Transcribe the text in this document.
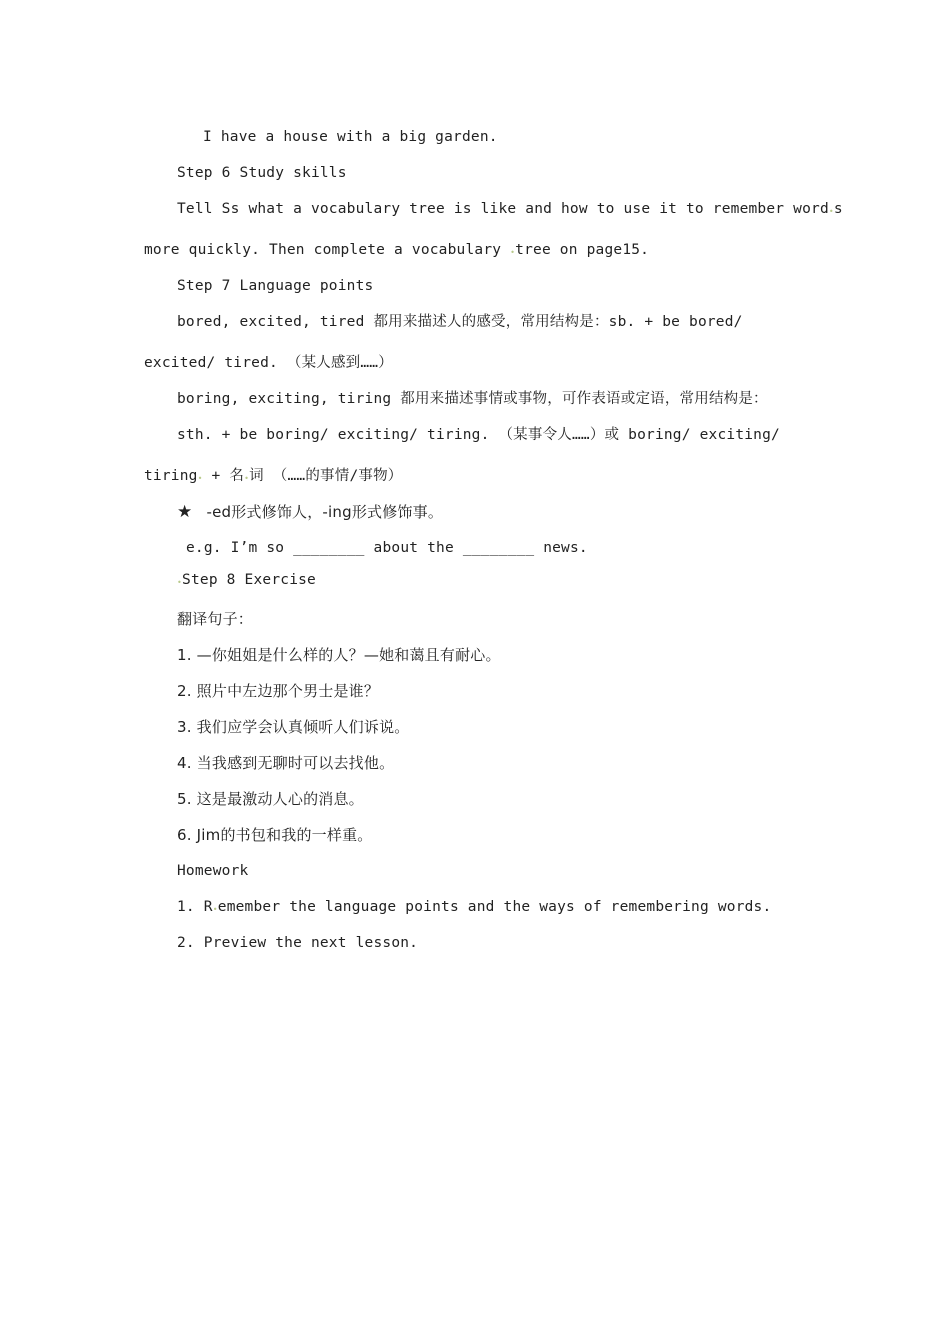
I have a house with a big garden.
Step 6 Study skills
Tell Ss what a vocabulary tree is like and how to use it to remember word•s
more quickly. Then complete a vocabulary •tree on page15.
Step 7 Language points
bored, excited, tired 都用来描述人的感受，常用结构是：sb. + be bored/
excited/ tired. （某人感到……）
boring, exciting, tiring 都用来描述事情或事物，可作表语或定语，常用结构是：
sth. + be boring/ exciting/ tiring. （某事令人……）或 boring/ exciting/
tiring• + 名•词 （……的事情/事物）
★ -ed形式修饰人，-ing形式修饰事。
e.g. I’m so ________ about the ________ news.
•Step 8 Exercise
翻译句子：
1. —你姐姐是什么样的人？—她和蔼且有耐心。
2. 照片中左边那个男士是谁？
3. 我们应学会认真倾听人们诉说。
4. 当我感到无聊时可以去找他。
5. 这是最激动人心的消息。
6. Jim的书包和我的一样重。
Homework
1. R•emember the language points and the ways of remembering words.
2. Preview the next lesson.
